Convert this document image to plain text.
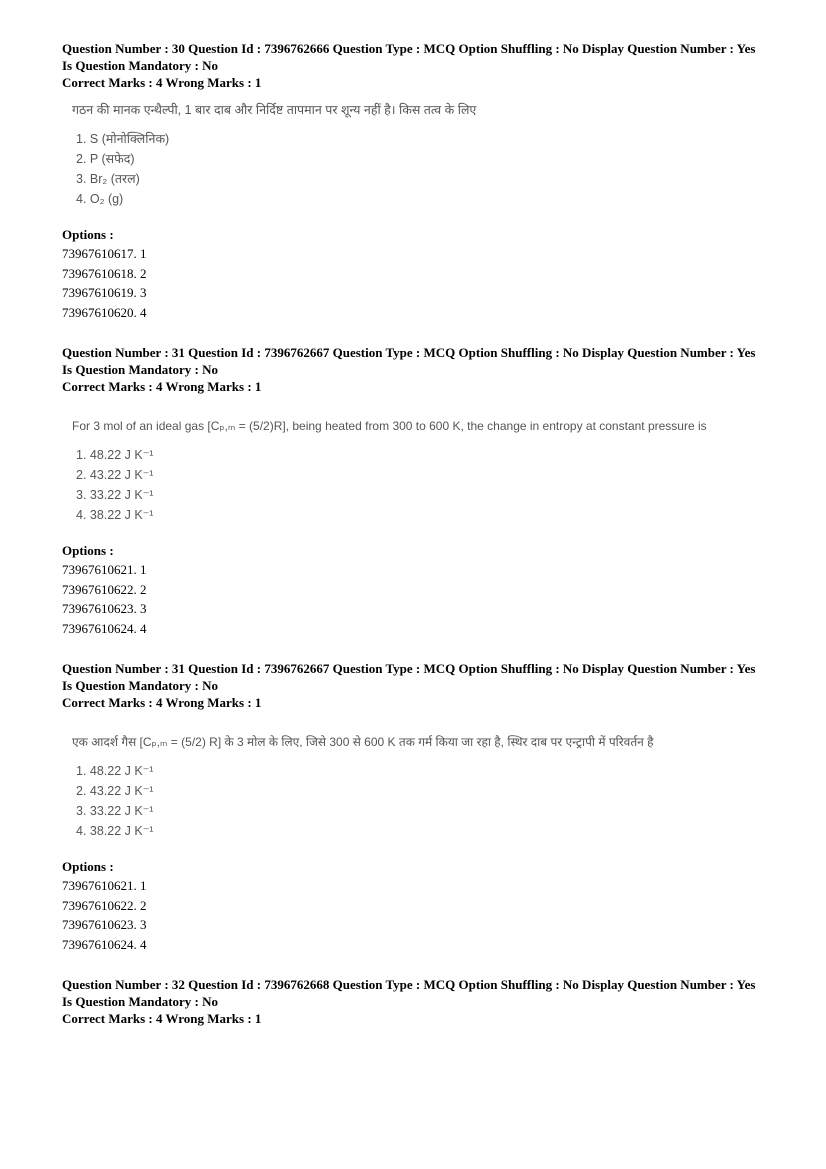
Question Number : 30 Question Id : 7396762666 Question Type : MCQ Option Shuffling : No Display Question Number : Yes
Is Question Mandatory : No
Correct Marks : 4 Wrong Marks : 1
गठन की मानक एन्थैल्पी, 1 बार दाब और निर्दिष्ट तापमान पर शून्य नहीं है। किस तत्व के लिए
1. S (मोनोक्लिनिक)
2. P (सफेद)
3. Br₂ (तरल)
4. O₂ (g)
Options :
73967610617. 1
73967610618. 2
73967610619. 3
73967610620. 4
Question Number : 31 Question Id : 7396762667 Question Type : MCQ Option Shuffling : No Display Question Number : Yes
Is Question Mandatory : No
Correct Marks : 4 Wrong Marks : 1
For 3 mol of an ideal gas [Cₚ,ₘ = (5/2)R], being heated from 300 to 600 K, the change in entropy at constant pressure is
1. 48.22 J K⁻¹
2. 43.22 J K⁻¹
3. 33.22 J K⁻¹
4. 38.22 J K⁻¹
Options :
73967610621. 1
73967610622. 2
73967610623. 3
73967610624. 4
Question Number : 31 Question Id : 7396762667 Question Type : MCQ Option Shuffling : No Display Question Number : Yes
Is Question Mandatory : No
Correct Marks : 4 Wrong Marks : 1
एक आदर्श गैस [Cₚ,ₘ = (5/2) R] के 3 मोल के लिए, जिसे 300 से 600 K तक गर्म किया जा रहा है, स्थिर दाब पर एन्ट्रापी में परिवर्तन है
1. 48.22 J K⁻¹
2. 43.22 J K⁻¹
3. 33.22 J K⁻¹
4. 38.22 J K⁻¹
Options :
73967610621. 1
73967610622. 2
73967610623. 3
73967610624. 4
Question Number : 32 Question Id : 7396762668 Question Type : MCQ Option Shuffling : No Display Question Number : Yes
Is Question Mandatory : No
Correct Marks : 4 Wrong Marks : 1
